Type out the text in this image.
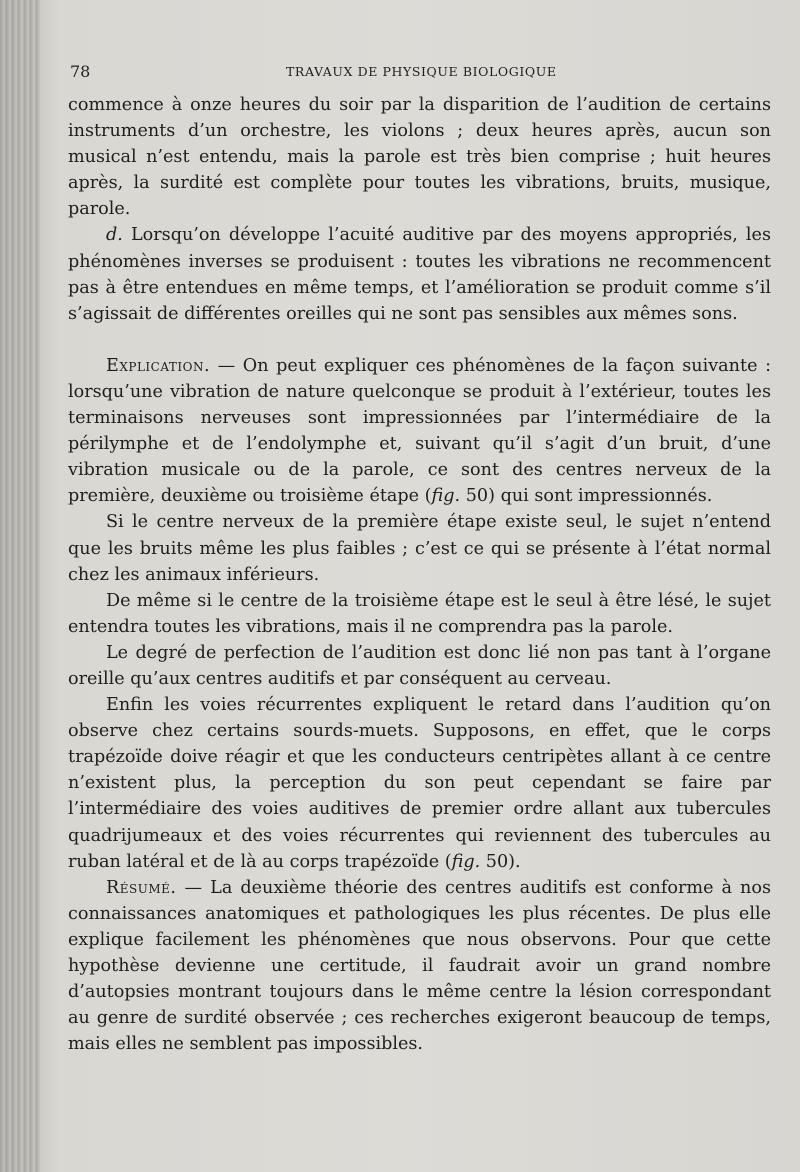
78	TRAVAUX DE PHYSIQUE BIOLOGIQUE

commence à onze heures du soir par la disparition de l’audition de certains instruments d’un orchestre, les violons ; deux heures après, aucun son musical n’est entendu, mais la parole est très bien comprise ; huit heures après, la surdité est complète pour toutes les vibrations, bruits, musique, parole.

d. Lorsqu’on développe l’acuité auditive par des moyens appropriés, les phénomènes inverses se produisent : toutes les vibrations ne recommencent pas à être entendues en même temps, et l’amélioration se produit comme s’il s’agissait de différentes oreilles qui ne sont pas sensibles aux mêmes sons.

Explication. — On peut expliquer ces phénomènes de la façon suivante : lorsqu’une vibration de nature quelconque se produit à l’extérieur, toutes les terminaisons nerveuses sont impressionnées par l’intermédiaire de la périlymphe et de l’endolymphe et, suivant qu’il s’agit d’un bruit, d’une vibration musicale ou de la parole, ce sont des centres nerveux de la première, deuxième ou troisième étape (fig. 50) qui sont impressionnés.

Si le centre nerveux de la première étape existe seul, le sujet n’entend que les bruits même les plus faibles ; c’est ce qui se présente à l’état normal chez les animaux inférieurs.

De même si le centre de la troisième étape est le seul à être lésé, le sujet entendra toutes les vibrations, mais il ne comprendra pas la parole.

Le degré de perfection de l’audition est donc lié non pas tant à l’organe oreille qu’aux centres auditifs et par conséquent au cerveau.

Enfin les voies récurrentes expliquent le retard dans l’audition qu’on observe chez certains sourds-muets. Supposons, en effet, que le corps trapézoïde doive réagir et que les conducteurs centripètes allant à ce centre n’existent plus, la perception du son peut cependant se faire par l’intermédiaire des voies auditives de premier ordre allant aux tubercules quadrijumeaux et des voies récurrentes qui reviennent des tubercules au ruban latéral et de là au corps trapézoïde (fig. 50).

Résumé. — La deuxième théorie des centres auditifs est conforme à nos connaissances anatomiques et pathologiques les plus récentes. De plus elle explique facilement les phénomènes que nous observons. Pour que cette hypothèse devienne une certitude, il faudrait avoir un grand nombre d’autopsies montrant toujours dans le même centre la lésion correspondant au genre de surdité observée ; ces recherches exigeront beaucoup de temps, mais elles ne semblent pas impossibles.
